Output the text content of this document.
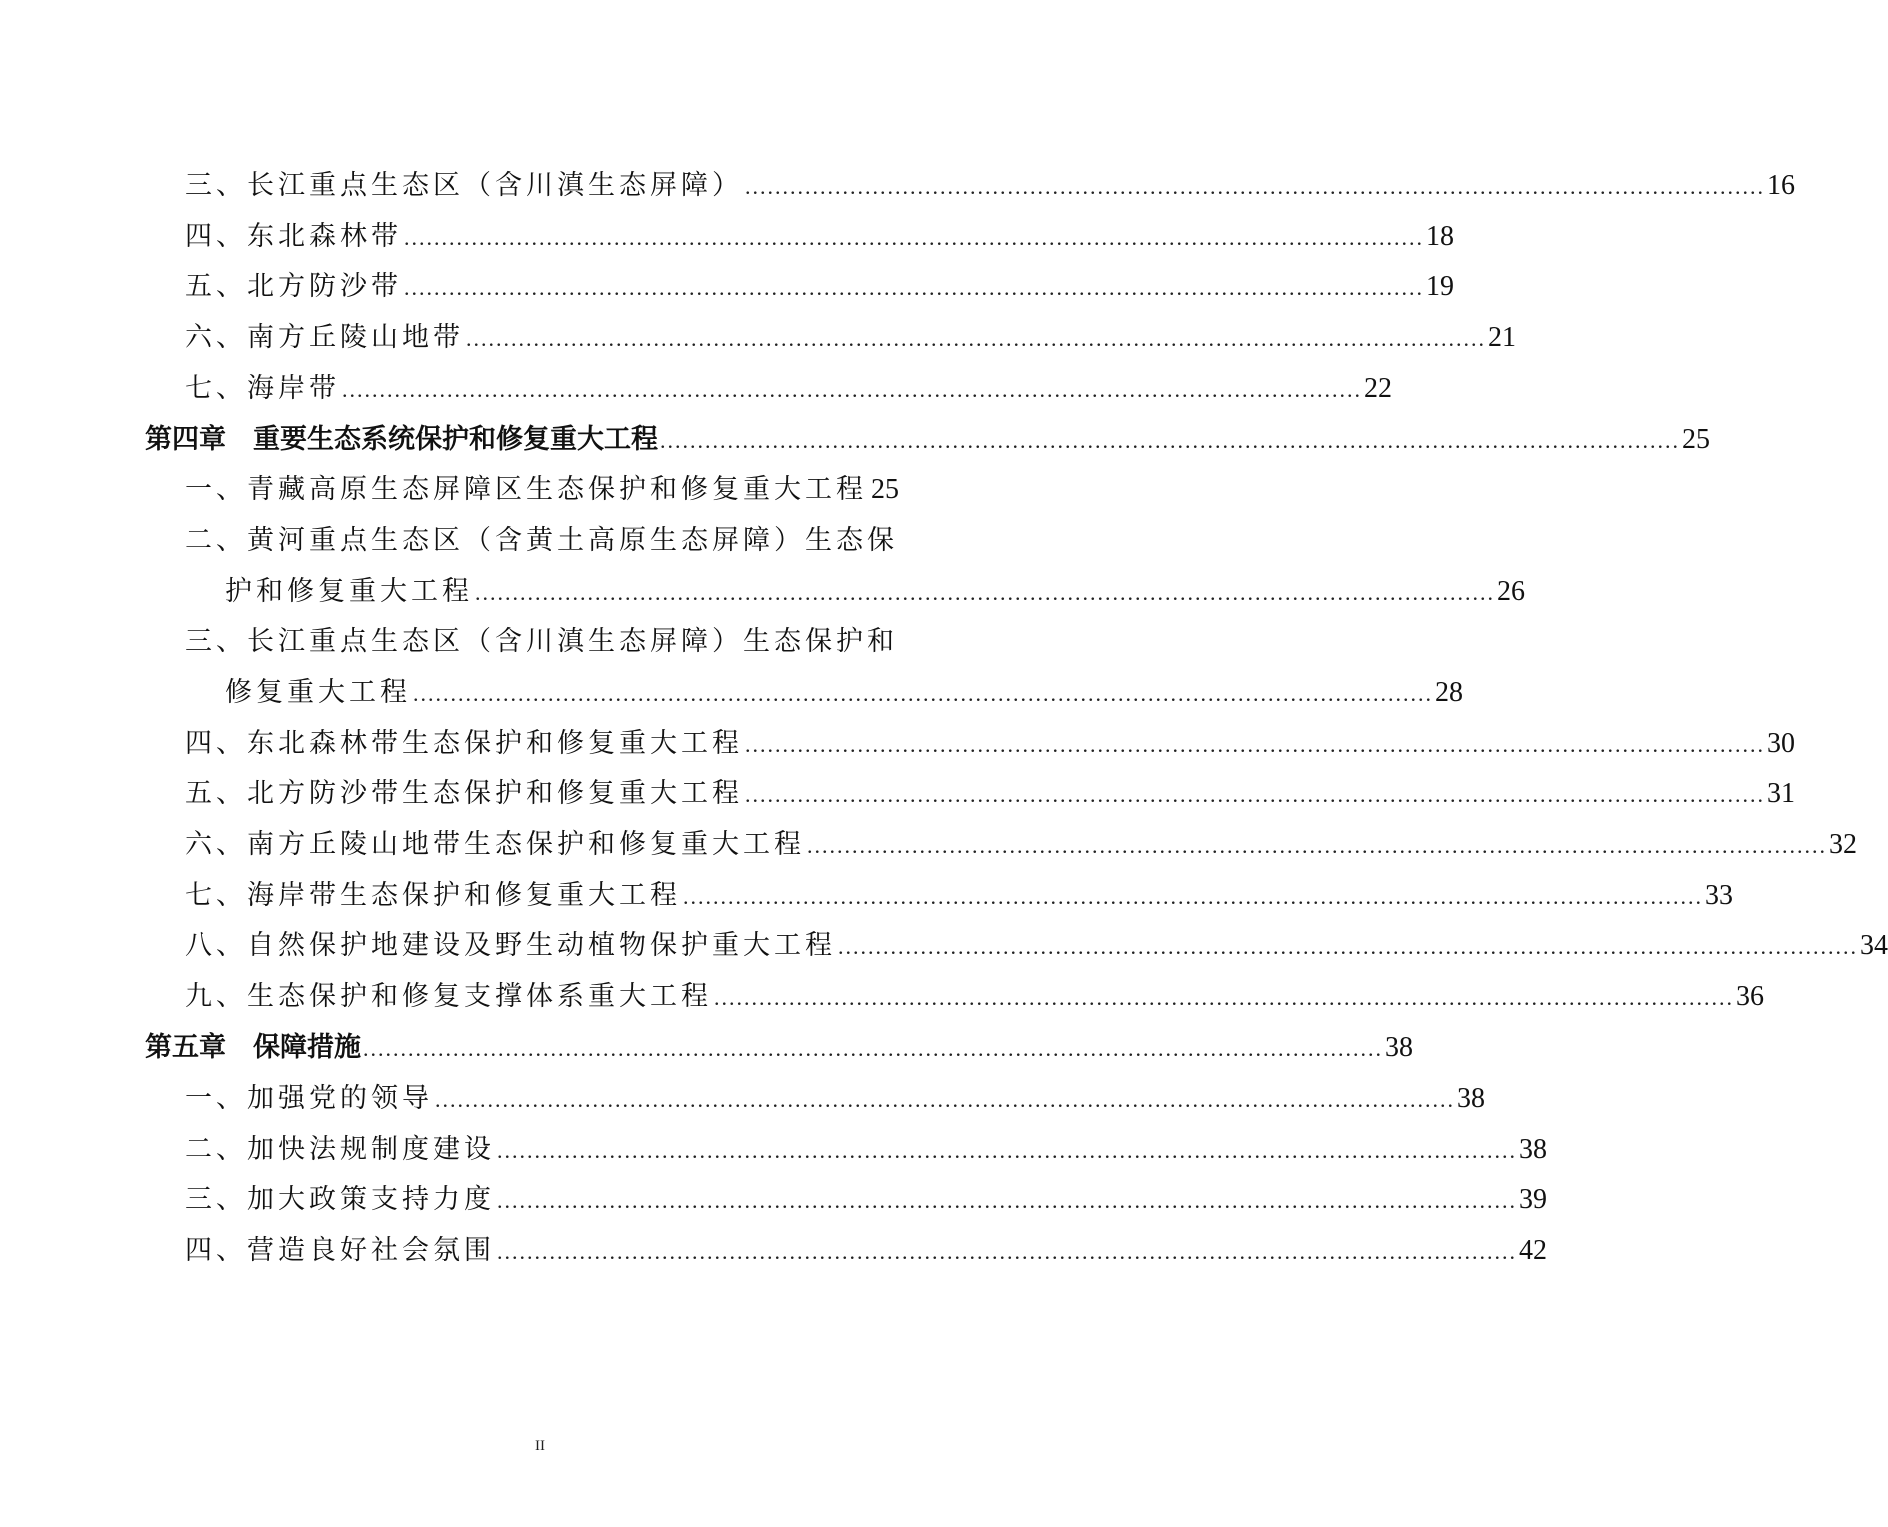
三、长江重点生态区（含川滇生态屏障） ........................................................................................................................................ 16
四、东北森林带 ........................................................................................................................................ 18
五、北方防沙带 ........................................................................................................................................ 19
六、南方丘陵山地带 ........................................................................................................................................ 21
七、海岸带 ........................................................................................................................................ 22
第四章　重要生态系统保护和修复重大工程 ........................................................................................................................................ 25
一、青藏高原生态屏障区生态保护和修复重大工程 25
二、黄河重点生态区（含黄土高原生态屏障）生态保
护和修复重大工程 ........................................................................................................................................ 26
三、长江重点生态区（含川滇生态屏障）生态保护和
修复重大工程 ........................................................................................................................................ 28
四、东北森林带生态保护和修复重大工程 ........................................................................................................................................ 30
五、北方防沙带生态保护和修复重大工程 ........................................................................................................................................ 31
六、南方丘陵山地带生态保护和修复重大工程 ........................................................................................................................................ 32
七、海岸带生态保护和修复重大工程 ........................................................................................................................................ 33
八、自然保护地建设及野生动植物保护重大工程 ........................................................................................................................................ 34
九、生态保护和修复支撑体系重大工程 ........................................................................................................................................ 36
第五章　保障措施 ........................................................................................................................................ 38
一、加强党的领导 ........................................................................................................................................ 38
二、加快法规制度建设 ........................................................................................................................................ 38
三、加大政策支持力度 ........................................................................................................................................ 39
四、营造良好社会氛围 ........................................................................................................................................ 42
II
